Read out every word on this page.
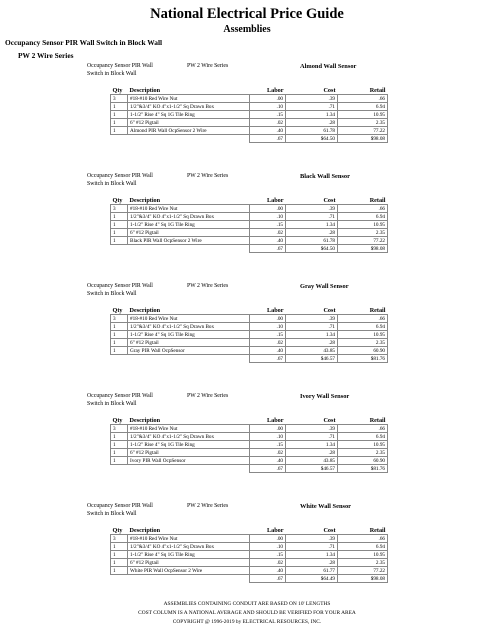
National Electrical Price Guide
Assemblies
Occupancy Sensor PIR Wall Switch in Block Wall
PW 2 Wire Series
Occupancy Sensor PIR Wall
Switch in Block Wall
PW 2 Wire Series	Almond Wall Sensor
Qty	Description	Labor	Cost	Retail
3	#18-#10 Red Wire Nut	.00	.39	.66
1	1/2"&3/4" KO 4"x1-1/2" Sq Drawn Box	.10	.71	6.94
1	1-1/2" Rise 4" Sq 1G Tile Ring	.15	1.34	10.95
1	6" #12 Pigtail	.02	.28	2.35
1	Almond PIR Wall OcpSensor 2 Wire	.40	61.78	77.22
		.67	$64.50	$98.08
Occupancy Sensor PIR Wall
Switch in Block Wall
PW 2 Wire Series	Black Wall Sensor
Qty	Description	Labor	Cost	Retail
3	#18-#10 Red Wire Nut	.00	.39	.66
1	1/2"&3/4" KO 4"x1-1/2" Sq Drawn Box	.10	.71	6.94
1	1-1/2" Rise 4" Sq 1G Tile Ring	.15	1.34	10.95
1	6" #12 Pigtail	.02	.28	2.35
1	Black PIR Wall OcpSensor 2 Wire	.40	61.78	77.22
		.67	$64.50	$98.08
Occupancy Sensor PIR Wall
Switch in Block Wall
PW 2 Wire Series	Gray Wall Sensor
Qty	Description	Labor	Cost	Retail
3	#18-#10 Red Wire Nut	.00	.39	.66
1	1/2"&3/4" KO 4"x1-1/2" Sq Drawn Box	.10	.71	6.94
1	1-1/2" Rise 4" Sq 1G Tile Ring	.15	1.34	10.95
1	6" #12 Pigtail	.02	.28	2.35
1	Gray PIR Wall OcpSensor	.40	43.85	60.90
		.67	$46.57	$81.76
Occupancy Sensor PIR Wall
Switch in Block Wall
PW 2 Wire Series	Ivory Wall Sensor
Qty	Description	Labor	Cost	Retail
3	#18-#10 Red Wire Nut	.00	.39	.66
1	1/2"&3/4" KO 4"x1-1/2" Sq Drawn Box	.10	.71	6.94
1	1-1/2" Rise 4" Sq 1G Tile Ring	.15	1.34	10.95
1	6" #12 Pigtail	.02	.28	2.35
1	Ivory PIR Wall OcpSensor	.40	43.85	60.90
		.67	$46.57	$81.76
Occupancy Sensor PIR Wall
Switch in Block Wall
PW 2 Wire Series	White Wall Sensor
Qty	Description	Labor	Cost	Retail
3	#18-#10 Red Wire Nut	.00	.39	.66
1	1/2"&3/4" KO 4"x1-1/2" Sq Drawn Box	.10	.71	6.94
1	1-1/2" Rise 4" Sq 1G Tile Ring	.15	1.34	10.95
1	6" #12 Pigtail	.02	.28	2.35
1	White PIR Wall OcpSensor 2 Wire	.40	61.77	77.22
		.67	$64.49	$98.08
ASSEMBLIES CONTAINING CONDUIT ARE BASED ON 10' LENGTHS
COST COLUMN IS A NATIONAL AVERAGE AND SHOULD BE VERIFIED FOR YOUR AREA
COPYRIGHT @ 1996-2019 by ELECTRICAL RESOURCES, INC.
